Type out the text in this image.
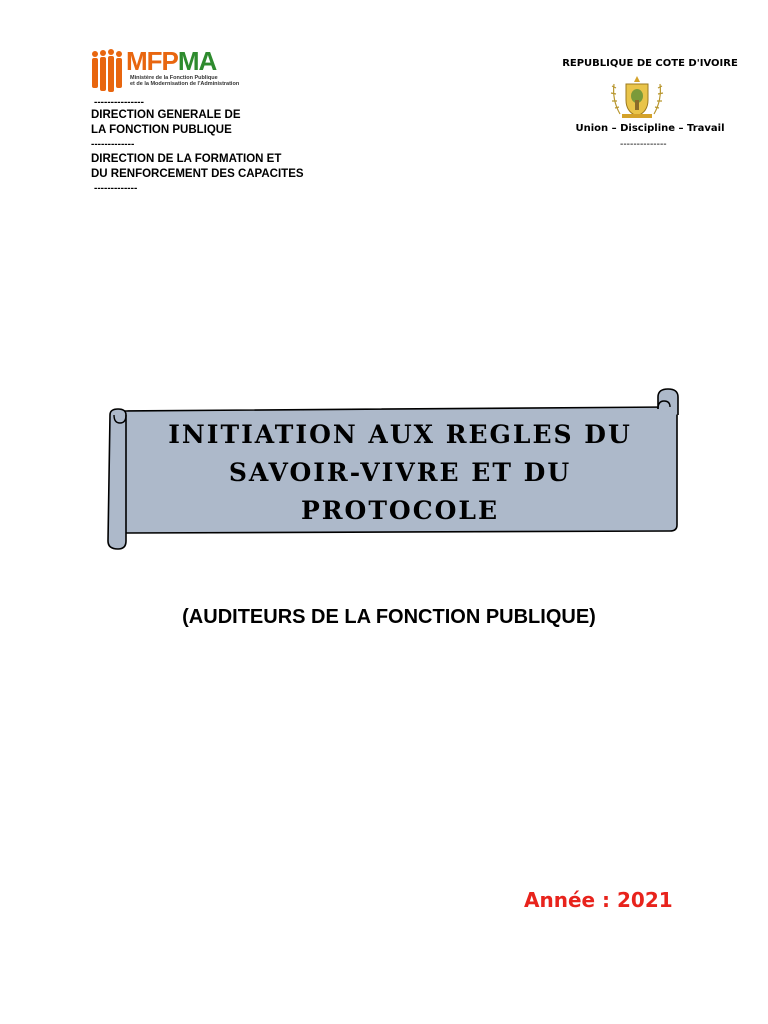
MFPMA
Ministère de la Fonction Publique
et de la Modernisation de l'Administration
---------------
DIRECTION GENERALE DE
LA FONCTION PUBLIQUE
-------------
DIRECTION DE LA FORMATION ET
DU RENFORCEMENT DES CAPACITES
-------------
REPUBLIQUE DE COTE D'IVOIRE
Union – Discipline – Travail
--------------
INITIATION AUX REGLES DU
SAVOIR-VIVRE ET DU
PROTOCOLE
(AUDITEURS DE LA FONCTION PUBLIQUE)
Année : 2021
